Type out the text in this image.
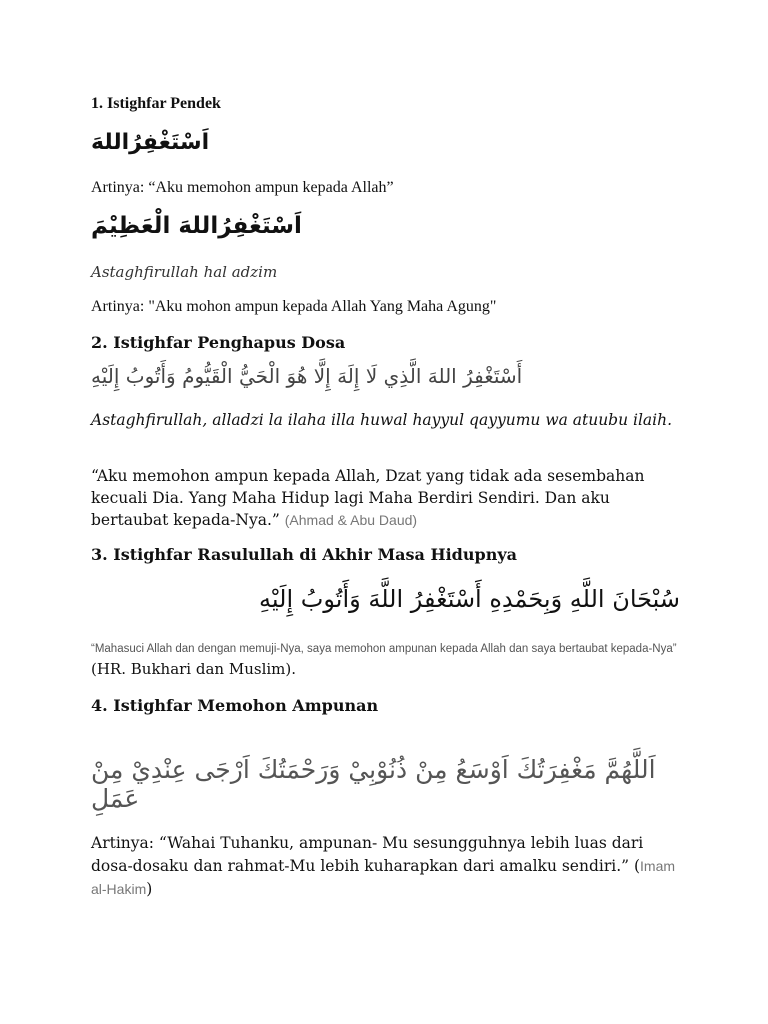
1. Istighfar Pendek
اَسْتَغْفِرُ‌اللهَ
Artinya: “Aku memohon ampun kepada Allah”
اَسْتَغْفِرُاللهَ الْعَظِيْمَ
Astaghfirullah hal adzim
Artinya: "Aku mohon ampun kepada Allah Yang Maha Agung"
2. Istighfar Penghapus Dosa
أَسْتَغْفِرُ اللهَ الَّذِي لَا إِلَهَ إِلَّا هُوَ الْحَيُّ الْقَيُّومُ وَأَتُوبُ إِلَيْهِ
Astaghfirullah, alladzi la ilaha illa huwal hayyul qayyumu wa atuubu ilaih.
“Aku memohon ampun kepada Allah, Dzat yang tidak ada sesembahan kecuali Dia. Yang Maha Hidup lagi Maha Berdiri Sendiri. Dan aku bertaubat kepada-Nya.” (Ahmad & Abu Daud)
3. Istighfar Rasulullah di Akhir Masa Hidupnya
سُبْحَانَ اللَّهِ وَبِحَمْدِهِ أَسْتَغْفِرُ اللَّهَ وَأَتُوبُ إِلَيْهِ
“Mahasuci Allah dan dengan memuji-Nya, saya memohon ampunan kepada Allah dan saya bertaubat kepada-Nya” (HR. Bukhari dan Muslim).
4. Istighfar Memohon Ampunan
اَللَّهُمَّ مَغْفِرَتُكَ اَوْسَعُ مِنْ ذُنُوْبِيْ وَرَحْمَتُكَ اَرْجَى عِنْدِيْ مِنْ عَمَلِ
Artinya: “Wahai Tuhanku, ampunan- Mu sesungguhnya lebih luas dari dosa-dosaku dan rahmat-Mu lebih kuharapkan dari amalku sendiri.” (Imam al-Hakim)
